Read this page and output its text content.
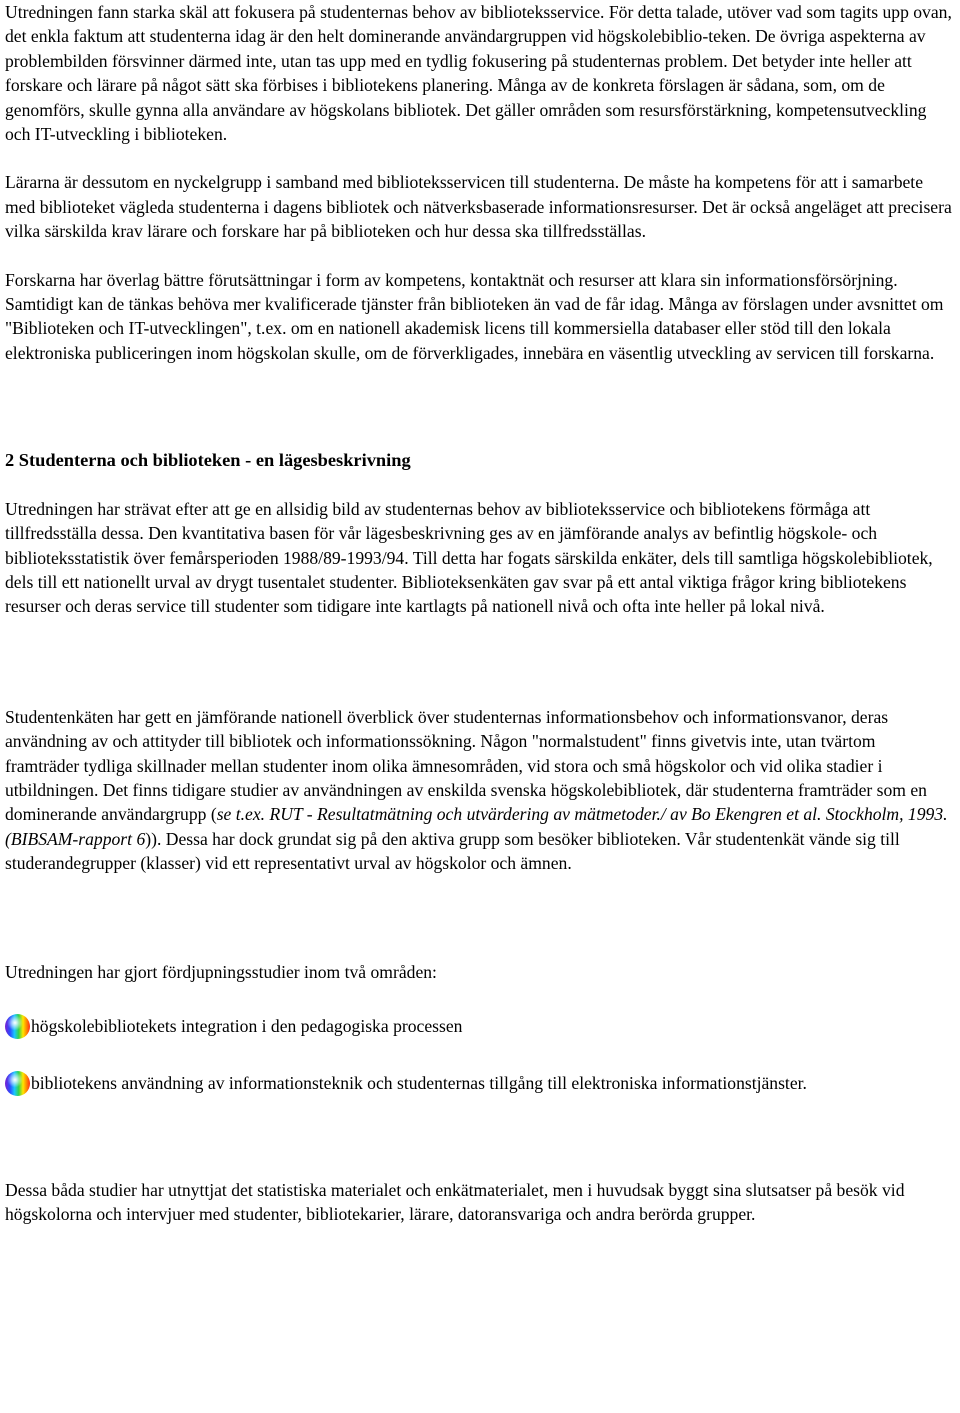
Utredningen fann starka skäl att fokusera på studenternas behov av biblioteksservice. För detta talade, utöver vad som tagits upp ovan, det enkla faktum att studenterna idag är den helt dominerande användargruppen vid högskolebiblio-teken. De övriga aspekterna av problembilden försvinner därmed inte, utan tas upp med en tydlig fokusering på studenternas problem. Det betyder inte heller att forskare och lärare på något sätt ska förbises i bibliotekens planering. Många av de konkreta förslagen är sådana, som, om de genomförs, skulle gynna alla användare av högskolans bibliotek. Det gäller områden som resursförstärkning, kompetensutveckling och IT-utveckling i biblioteken.

Lärarna är dessutom en nyckelgrupp i samband med biblioteksservicen till studenterna. De måste ha kompetens för att i samarbete med biblioteket vägleda studenterna i dagens bibliotek och nätverksbaserade informationsresurser. Det är också angeläget att precisera vilka särskilda krav lärare och forskare har på biblioteken och hur dessa ska tillfredsställas.

Forskarna har överlag bättre förutsättningar i form av kompetens, kontaktnät och resurser att klara sin informationsförsörjning. Samtidigt kan de tänkas behöva mer kvalificerade tjänster från biblioteken än vad de får idag. Många av förslagen under avsnittet om "Biblioteken och IT-utvecklingen", t.ex. om en nationell akademisk licens till kommersiella databaser eller stöd till den lokala elektroniska publiceringen inom högskolan skulle, om de förverkligades, innebära en väsentlig utveckling av servicen till forskarna.

2 Studenterna och biblioteken - en lägesbeskrivning

Utredningen har strävat efter att ge en allsidig bild av studenternas behov av biblioteksservice och bibliotekens förmåga att tillfredsställa dessa. Den kvantitativa basen för vår lägesbeskrivning ges av en jämförande analys av befintlig högskole- och biblioteksstatistik över femårsperioden 1988/89-1993/94. Till detta har fogats särskilda enkäter, dels till samtliga högskolebibliotek, dels till ett nationellt urval av drygt tusentalet studenter. Biblioteksenkäten gav svar på ett antal viktiga frågor kring bibliotekens resurser och deras service till studenter som tidigare inte kartlagts på nationell nivå och ofta inte heller på lokal nivå.

Studentenkäten har gett en jämförande nationell överblick över studenternas informationsbehov och informationsvanor, deras användning av och attityder till bibliotek och informationssökning. Någon "normalstudent" finns givetvis inte, utan tvärtom framträder tydliga skillnader mellan studenter inom olika ämnesområden, vid stora och små högskolor och vid olika stadier i utbildningen. Det finns tidigare studier av användningen av enskilda svenska högskolebibliotek, där studenterna framträder som en dominerande användargrupp (se t.ex. RUT - Resultatmätning och utvärdering av mätmetoder./ av Bo Ekengren et al. Stockholm, 1993. (BIBSAM-rapport 6)). Dessa har dock grundat sig på den aktiva grupp som besöker biblioteken. Vår studentenkät vände sig till studerandegrupper (klasser) vid ett representativt urval av högskolor och ämnen.

Utredningen har gjort fördjupningsstudier inom två områden:

högskolebibliotekets integration i den pedagogiska processen
bibliotekens användning av informationsteknik och studenternas tillgång till elektroniska informationstjänster.

Dessa båda studier har utnyttjat det statistiska materialet och enkätmaterialet, men i huvudsak byggt sina slutsatser på besök vid högskolorna och intervjuer med studenter, bibliotekarier, lärare, datoransvariga och andra berörda grupper.
